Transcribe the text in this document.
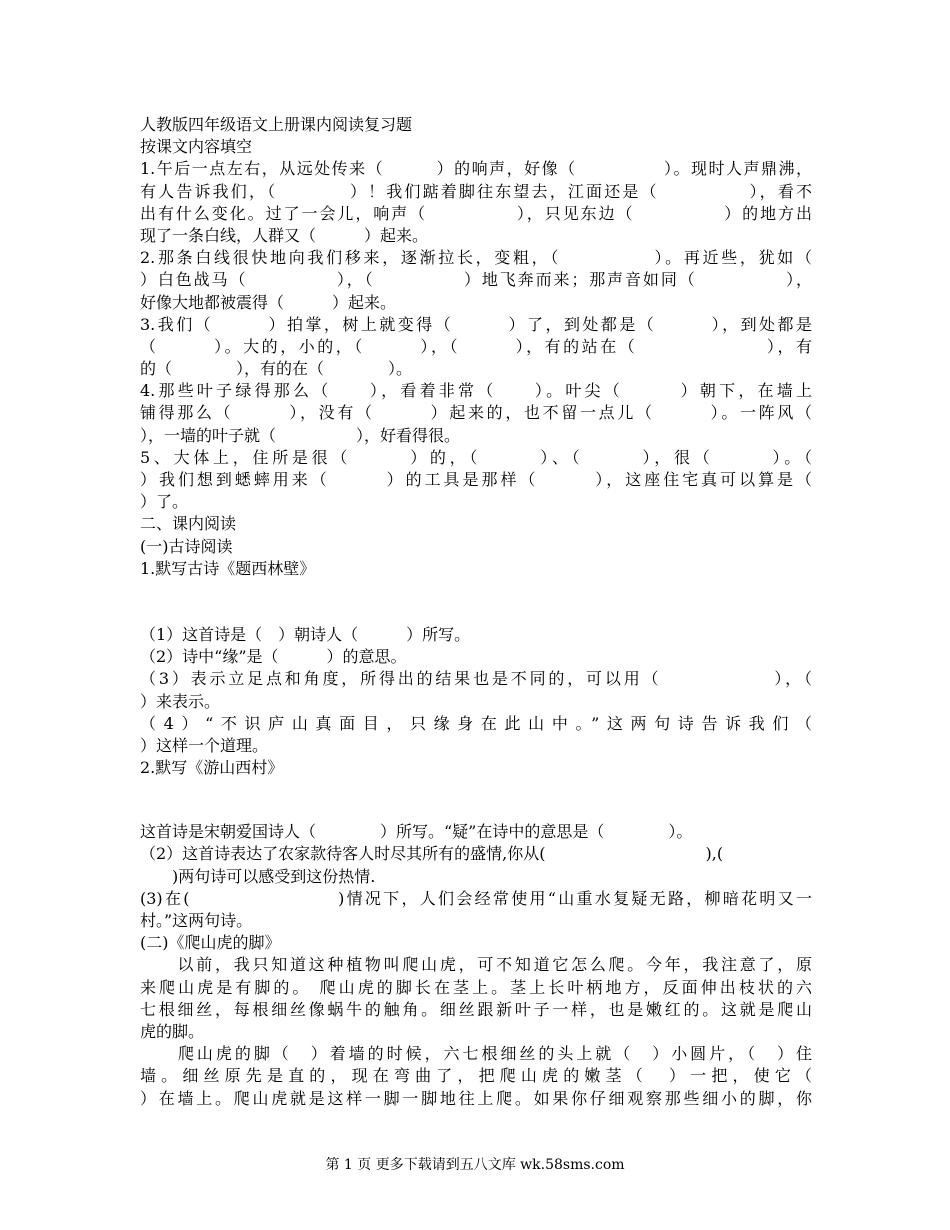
人教版四年级语文上册课内阅读复习题
按课文内容填空
1.午后一点左右，从远处传来（　　　）的响声，好像（　　　　　）。现时人声鼎沸，
有人告诉我们，（　　　　）！我们踮着脚往东望去，江面还是（　　　　　），看不
出有什么变化。过了一会儿，响声（　　　　　），只见东边（　　　　　）的地方出
现了一条白线，人群又（　　　）起来。
2.那条白线很快地向我们移来，逐渐拉长，变粗，（　　　　　）。再近些，犹如（
）白色战马（　　　　　），（　　　　　）地飞奔而来；那声音如同（　　　　　），
好像大地都被震得（　　　）起来。
3.我们（　　　）拍掌，树上就变得（　　　）了，到处都是（　　　），到处都是
（　　　）。大的，小的，（　　　），（　　　），有的站在（　　　　　　　），有
的（　　　　），有的在（　　　　）。
4.那些叶子绿得那么（　　），看着非常（　　）。叶尖（　　　）朝下，在墙上
铺得那么（　　　），没有（　　　）起来的，也不留一点儿（　　　）。一阵风（
），一墙的叶子就（　　　　　），好看得很。
5、大体上，住所是很（　　　）的，（　　　）、（　　　），很（　　　）。（
）我们想到蟋蟀用来（　　　）的工具是那样（　　　），这座住宅真可以算是（
）了。
二、课内阅读
(一)古诗阅读
1.默写古诗《题西林壁》
（1）这首诗是（　）朝诗人（　　　）所写。
（2）诗中“缘”是（　　　）的意思。
（3）表示立足点和角度，所得出的结果也是不同的，可以用（　　　　　　），（
）来表示。
（4）“不识庐山真面目，只缘身在此山中。”这两句诗告诉我们（
）这样一个道理。
2.默写《游山西村》
这首诗是宋朝爱国诗人（　　　　）所写。“疑”在诗中的意思是（　　　　）。
（2）这首诗表达了农家款待客人时尽其所有的盛情,你从(　　　　　　　　　　),(
　　)两句诗可以感受到这份热情.
(3)在(　　　　　　　　)情况下，人们会经常使用“山重水复疑无路，柳暗花明又一
村。”这两句诗。
(二)《爬山虎的脚》
　　以前，我只知道这种植物叫爬山虎，可不知道它怎么爬。今年，我注意了，原
来爬山虎是有脚的。 爬山虎的脚长在茎上。茎上长叶柄地方，反面伸出枝状的六
七根细丝，每根细丝像蜗牛的触角。细丝跟新叶子一样，也是嫩红的。这就是爬山
虎的脚。
　　爬山虎的脚（　）着墙的时候，六七根细丝的头上就（　）小圆片，（　）住
墙。细丝原先是直的，现在弯曲了，把爬山虎的嫩茎（　）一把，使它（
）在墙上。爬山虎就是这样一脚一脚地往上爬。如果你仔细观察那些细小的脚，你
第 1 页 更多下载请到五八文库 wk.58sms.com
